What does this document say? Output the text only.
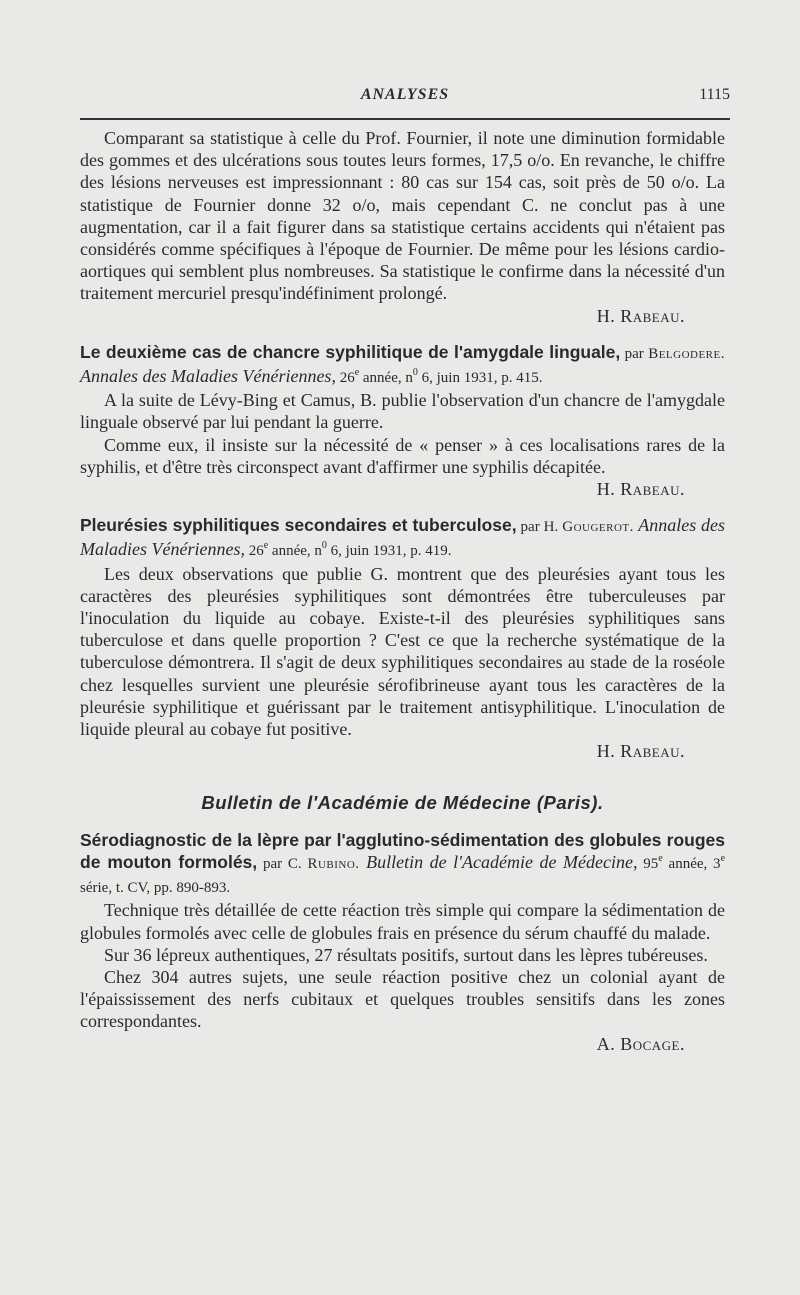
ANALYSES	1115

Comparant sa statistique à celle du Prof. Fournier, il note une diminution formidable des gommes et des ulcérations sous toutes leurs formes, 17,5 o/o. En revanche, le chiffre des lésions nerveuses est impressionnant : 80 cas sur 154 cas, soit près de 50 o/o. La statistique de Fournier donne 32 o/o, mais cependant C. ne conclut pas à une augmentation, car il a fait figurer dans sa statistique certains accidents qui n'étaient pas considérés comme spécifiques à l'époque de Fournier. De même pour les lésions cardio-aortiques qui semblent plus nombreuses. Sa statistique le confirme dans la nécessité d'un traitement mercuriel presqu'indéfiniment prolongé.

H. Rabeau.

Le deuxième cas de chancre syphilitique de l'amygdale linguale, par Belgodere. Annales des Maladies Vénériennes, 26e année, $n^0$ 6, juin 1931, p. 415.

A la suite de Lévy-Bing et Camus, B. publie l'observation d'un chancre de l'amygdale linguale observé par lui pendant la guerre.

Comme eux, il insiste sur la nécessité de « penser » à ces localisations rares de la syphilis, et d'être très circonspect avant d'affirmer une syphilis décapitée.

H. Rabeau.

Pleurésies syphilitiques secondaires et tuberculose, par H. Gougerot. Annales des Maladies Vénériennes, 26e année, $n^0$ 6, juin 1931, p. 419.

Les deux observations que publie G. montrent que des pleurésies ayant tous les caractères des pleurésies syphilitiques sont démontrées être tuberculeuses par l'inoculation du liquide au cobaye. Existe-t-il des pleurésies syphilitiques sans tuberculose et dans quelle proportion ? C'est ce que la recherche systématique de la tuberculose démontrera. Il s'agit de deux syphilitiques secondaires au stade de la roséole chez lesquelles survient une pleurésie sérofibrineuse ayant tous les caractères de la pleurésie syphilitique et guérissant par le traitement antisyphilitique. L'inoculation de liquide pleural au cobaye fut positive.

H. Rabeau.

Bulletin de l'Académie de Médecine (Paris).

Sérodiagnostic de la lèpre par l'agglutino-sédimentation des globules rouges de mouton formolés, par C. Rubino. Bulletin de l'Académie de Médecine, 95e année, 3e série, t. CV, pp. 890-893.

Technique très détaillée de cette réaction très simple qui compare la sédimentation de globules formolés avec celle de globules frais en présence du sérum chauffé du malade.

Sur 36 lépreux authentiques, 27 résultats positifs, surtout dans les lèpres tubéreuses.

Chez 304 autres sujets, une seule réaction positive chez un colonial ayant de l'épaississement des nerfs cubitaux et quelques troubles sensitifs dans les zones correspondantes.

A. Bocage.
